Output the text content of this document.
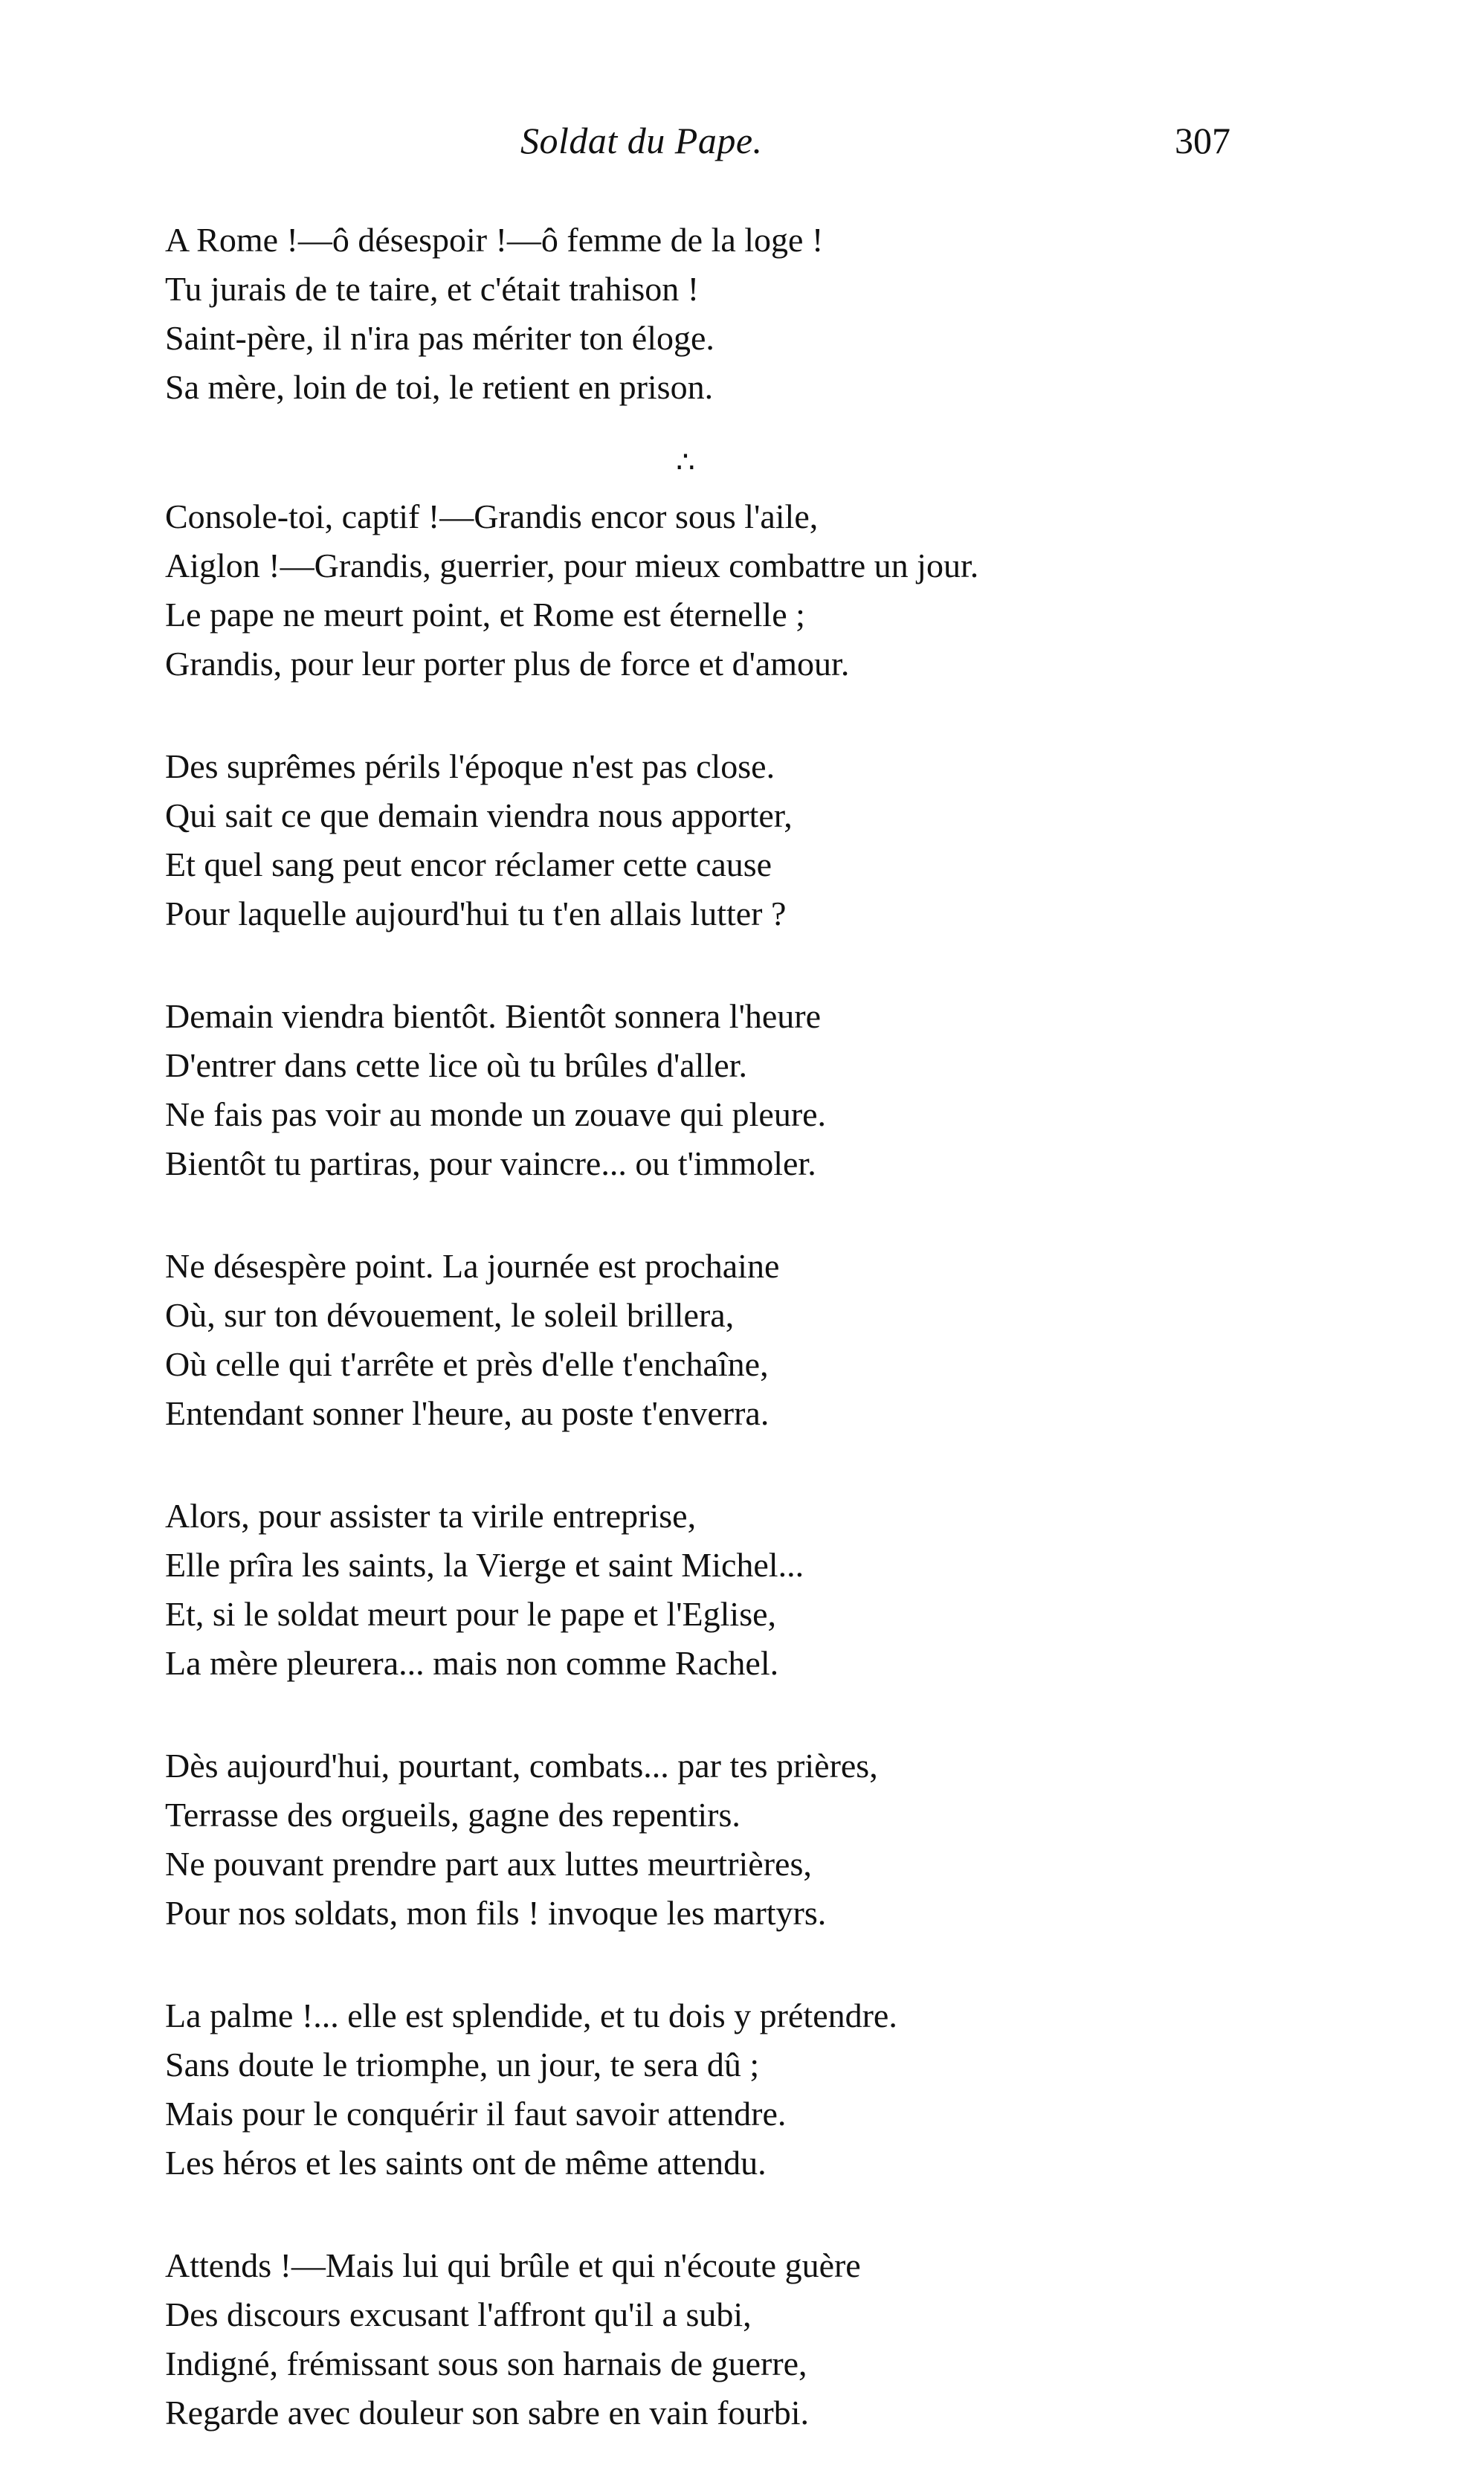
Soldat du Pape.	307
A Rome !—ô désespoir !—ô femme de la loge !
Tu jurais de te taire, et c'était trahison !
Saint-père, il n'ira pas mériter ton éloge.
Sa mère, loin de toi, le retient en prison.
∴
Console-toi, captif !—Grandis encor sous l'aile,
Aiglon !—Grandis, guerrier, pour mieux combattre un jour.
Le pape ne meurt point, et Rome est éternelle ;
Grandis, pour leur porter plus de force et d'amour.
Des suprêmes périls l'époque n'est pas close.
Qui sait ce que demain viendra nous apporter,
Et quel sang peut encor réclamer cette cause
Pour laquelle aujourd'hui tu t'en allais lutter ?
Demain viendra bientôt. Bientôt sonnera l'heure
D'entrer dans cette lice où tu brûles d'aller.
Ne fais pas voir au monde un zouave qui pleure.
Bientôt tu partiras, pour vaincre... ou t'immoler.
Ne désespère point. La journée est prochaine
Où, sur ton dévouement, le soleil brillera,
Où celle qui t'arrête et près d'elle t'enchaîne,
Entendant sonner l'heure, au poste t'enverra.
Alors, pour assister ta virile entreprise,
Elle prîra les saints, la Vierge et saint Michel...
Et, si le soldat meurt pour le pape et l'Eglise,
La mère pleurera... mais non comme Rachel.
Dès aujourd'hui, pourtant, combats... par tes prières,
Terrasse des orgueils, gagne des repentirs.
Ne pouvant prendre part aux luttes meurtrières,
Pour nos soldats, mon fils ! invoque les martyrs.
La palme !... elle est splendide, et tu dois y prétendre.
Sans doute le triomphe, un jour, te sera dû ;
Mais pour le conquérir il faut savoir attendre.
Les héros et les saints ont de même attendu.
Attends !—Mais lui qui brûle et qui n'écoute guère
Des discours excusant l'affront qu'il a subi,
Indigné, frémissant sous son harnais de guerre,
Regarde avec douleur son sabre en vain fourbi.
